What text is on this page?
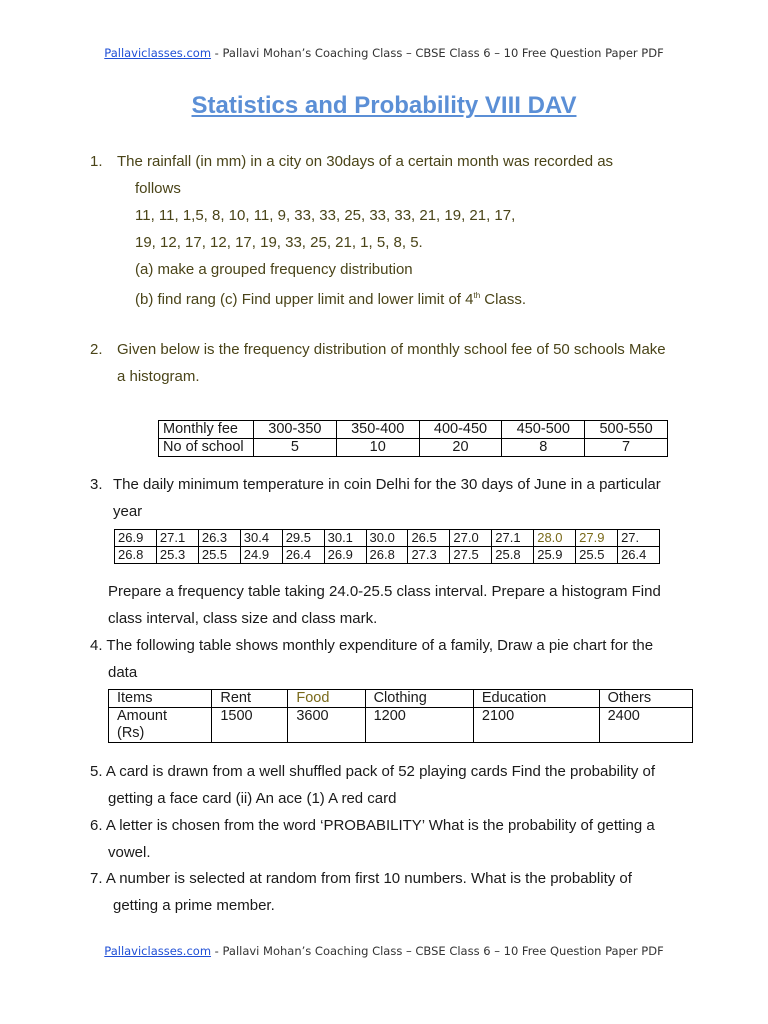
Pallaviclasses.com - Pallavi Mohan’s Coaching Class – CBSE Class 6 – 10 Free Question Paper PDF
Statistics and Probability VIII DAV
1. The rainfall (in mm) in a city on 30days of a certain month was recorded as
follows
11, 11, 1,5, 8, 10, 11, 9, 33, 33, 25, 33, 33, 21, 19, 21, 17,
19, 12, 17, 12, 17, 19, 33, 25, 21, 1, 5, 8, 5.
(a) make a grouped frequency distribution
(b) find rang (c) Find upper limit and lower limit of 4th Class.
2. Given below is the frequency distribution of monthly school fee of 50 schools Make
a histogram.
Monthly fee	300-350	350-400	400-450	450-500	500-550
No of school	5	10	20	8	7
3. The daily minimum temperature in coin Delhi for the 30 days of June in a particular
year
26.9	27.1	26.3	30.4	29.5	30.1	30.0	26.5	27.0	27.1	28.0	27.9	27.
26.8	25.3	25.5	24.9	26.4	26.9	26.8	27.3	27.5	25.8	25.9	25.5	26.4
Prepare a frequency table taking 24.0-25.5 class interval. Prepare a histogram Find
class interval, class size and class mark.
4. The following table shows monthly expenditure of a family, Draw a pie chart for the
data
Items	Rent	Food	Clothing	Education	Others
Amount
(Rs)	1500	3600	1200	2100	2400
5. A card is drawn from a well shuffled pack of 52 playing cards Find the probability of
getting a face card (ii) An ace (1) A red card
6. A letter is chosen from the word ‘PROBABILITY’ What is the probability of getting a
vowel.
7. A number is selected at random from first 10 numbers. What is the probablity of
getting a prime member.
Pallaviclasses.com - Pallavi Mohan’s Coaching Class – CBSE Class 6 – 10 Free Question Paper PDF
